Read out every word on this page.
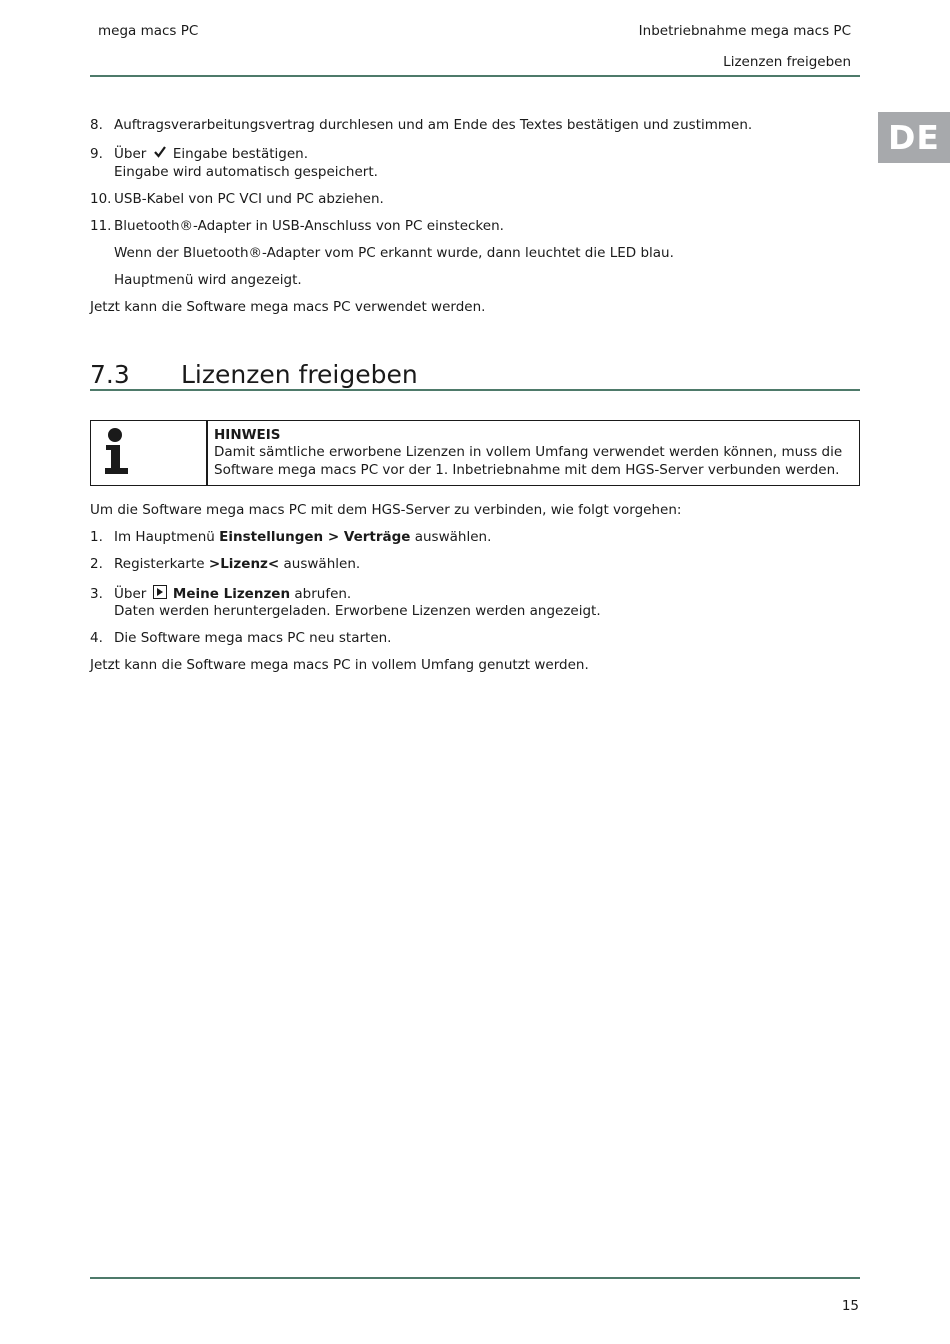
mega macs PC	Inbetriebnahme mega macs PC
Lizenzen freigeben
DE
8. Auftragsverarbeitungsvertrag durchlesen und am Ende des Textes bestätigen und zustimmen.
9. Über Eingabe bestätigen.
Eingabe wird automatisch gespeichert.
10. USB-Kabel von PC VCI und PC abziehen.
11. Bluetooth®-Adapter in USB-Anschluss von PC einstecken.
Wenn der Bluetooth®-Adapter vom PC erkannt wurde, dann leuchtet die LED blau.
Hauptmenü wird angezeigt.
Jetzt kann die Software mega macs PC verwendet werden.
7.3 Lizenzen freigeben
HINWEIS
Damit sämtliche erworbene Lizenzen in vollem Umfang verwendet werden können, muss die
Software mega macs PC vor der 1. Inbetriebnahme mit dem HGS-Server verbunden werden.
Um die Software mega macs PC mit dem HGS-Server zu verbinden, wie folgt vorgehen:
1. Im Hauptmenü Einstellungen > Verträge auswählen.
2. Registerkarte >Lizenz< auswählen.
3. Über Meine Lizenzen abrufen.
Daten werden heruntergeladen. Erworbene Lizenzen werden angezeigt.
4. Die Software mega macs PC neu starten.
Jetzt kann die Software mega macs PC in vollem Umfang genutzt werden.
15
